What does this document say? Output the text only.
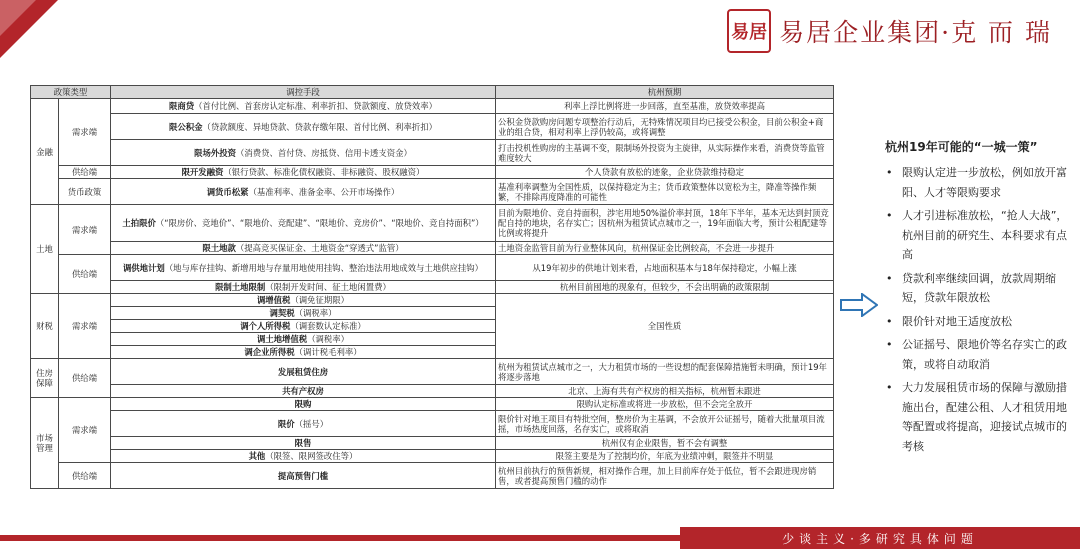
易居 易居企业集团·克 而 瑞
政策类型		调控手段	杭州预期
金融	需求端	限商贷（首付比例、首套房认定标准、利率折扣、贷款额度、放贷效率）	利率上浮比例将进一步回落，直至基准，放贷效率提高
		限公积金（贷款额度、异地贷款、贷款存缴年限、首付比例、利率折扣）	公积金贷款购房问题专项整治行动后，无特殊情况项目均已接受公积金，目前公积金+商业的组合贷，相对利率上浮仍较高，或将调整
		限场外投资（消费贷、首付贷、房抵贷、信用卡透支资金）	打击投机性购房的主基调不变，限制场外投资为主旋律，从实际操作来看，消费贷等监管难度较大
	供给端	限开发融资（银行贷款、标准化债权融资、非标融资、股权融资）	个人贷款有放松的迹象，企业贷款维持稳定
	货币政策	调货币松紧（基准利率、准备金率、公开市场操作）	基准利率调整为全国性质，以保持稳定为主；货币政策整体以宽松为主，降准等操作频繁，不排除再度降准的可能性
土地	需求端	土拍限价（“限房价、竞地价”、“限地价、竞配建”、“限地价、竞房价”、“限地价、竞自持面积”）	目前为限地价、竞自持面积，涉宅用地50%溢价率封顶，18年下半年，基本无达到封顶竞配自持的地块，名存实亡；因杭州为租赁试点城市之一，19年面临大考，预计公租配建等比例或将提升
		限土地款（提高竞买保证金、土地资金“穿透式”监管）	土地资金监管目前为行业整体风向，杭州保证金比例较高，不会进一步提升
	供给端	调供地计划（地与库存挂钩、新增用地与存量用地使用挂钩、整治违法用地成效与土地供应挂钩）	从19年初步的供地计划来看，占地面积基本与18年保持稳定，小幅上涨
		限制土地限制（限制开发时间、征土地闲置费）	杭州目前囤地的现象有，但较少，不会出明确的政策限制
财税	需求端	调增值税（调免征期限）	全国性质
		调契税（调税率）	
		调个人所得税（调套数认定标准）	
		调土地增值税（调税率）	
		调企业所得税（调计税毛利率）	
住房保障	供给端	发展租赁住房	杭州为租赁试点城市之一，大力租赁市场的一些设想的配套保障措施暂未明确，预计19年将逐步落地
		共有产权房	北京、上海有共有产权房的相关指标，杭州暂未跟进
市场管理	需求端	限购	限购认定标准或将进一步放松，但不会完全放开
		限价（摇号）	限价针对地王项目有特批空间，整房价为主基调，不会放开公证摇号，随着大批量项目流摇，市场热度回落，名存实亡，或将取消
		限售	杭州仅有企业限售，暂不会有调整
		其他（限签、限网签改住等）	限签主要是为了控制均价，年底为业绩冲刺，限签并不明显
	供给端	提高预售门槛	杭州目前执行的预售新规，相对操作合理，加上目前库存处于低位，暂不会跟进现房销售，或者提高预售门槛的动作
杭州19年可能的“一城一策”
• 限购认定进一步放松，例如放开富阳、人才等限购要求
• 人才引进标准放松，“抢人大战”，杭州目前的研究生、本科要求有点高
• 贷款利率继续回调，放款周期缩短，贷款年限放松
• 限价针对地王适度放松
• 公证摇号、限地价等名存实亡的政策，或将自动取消
• 大力发展租赁市场的保障与激励措施出台，配建公租、人才租赁用地等配置或将提高，迎接试点城市的考核
少谈主义·多研究具体问题
